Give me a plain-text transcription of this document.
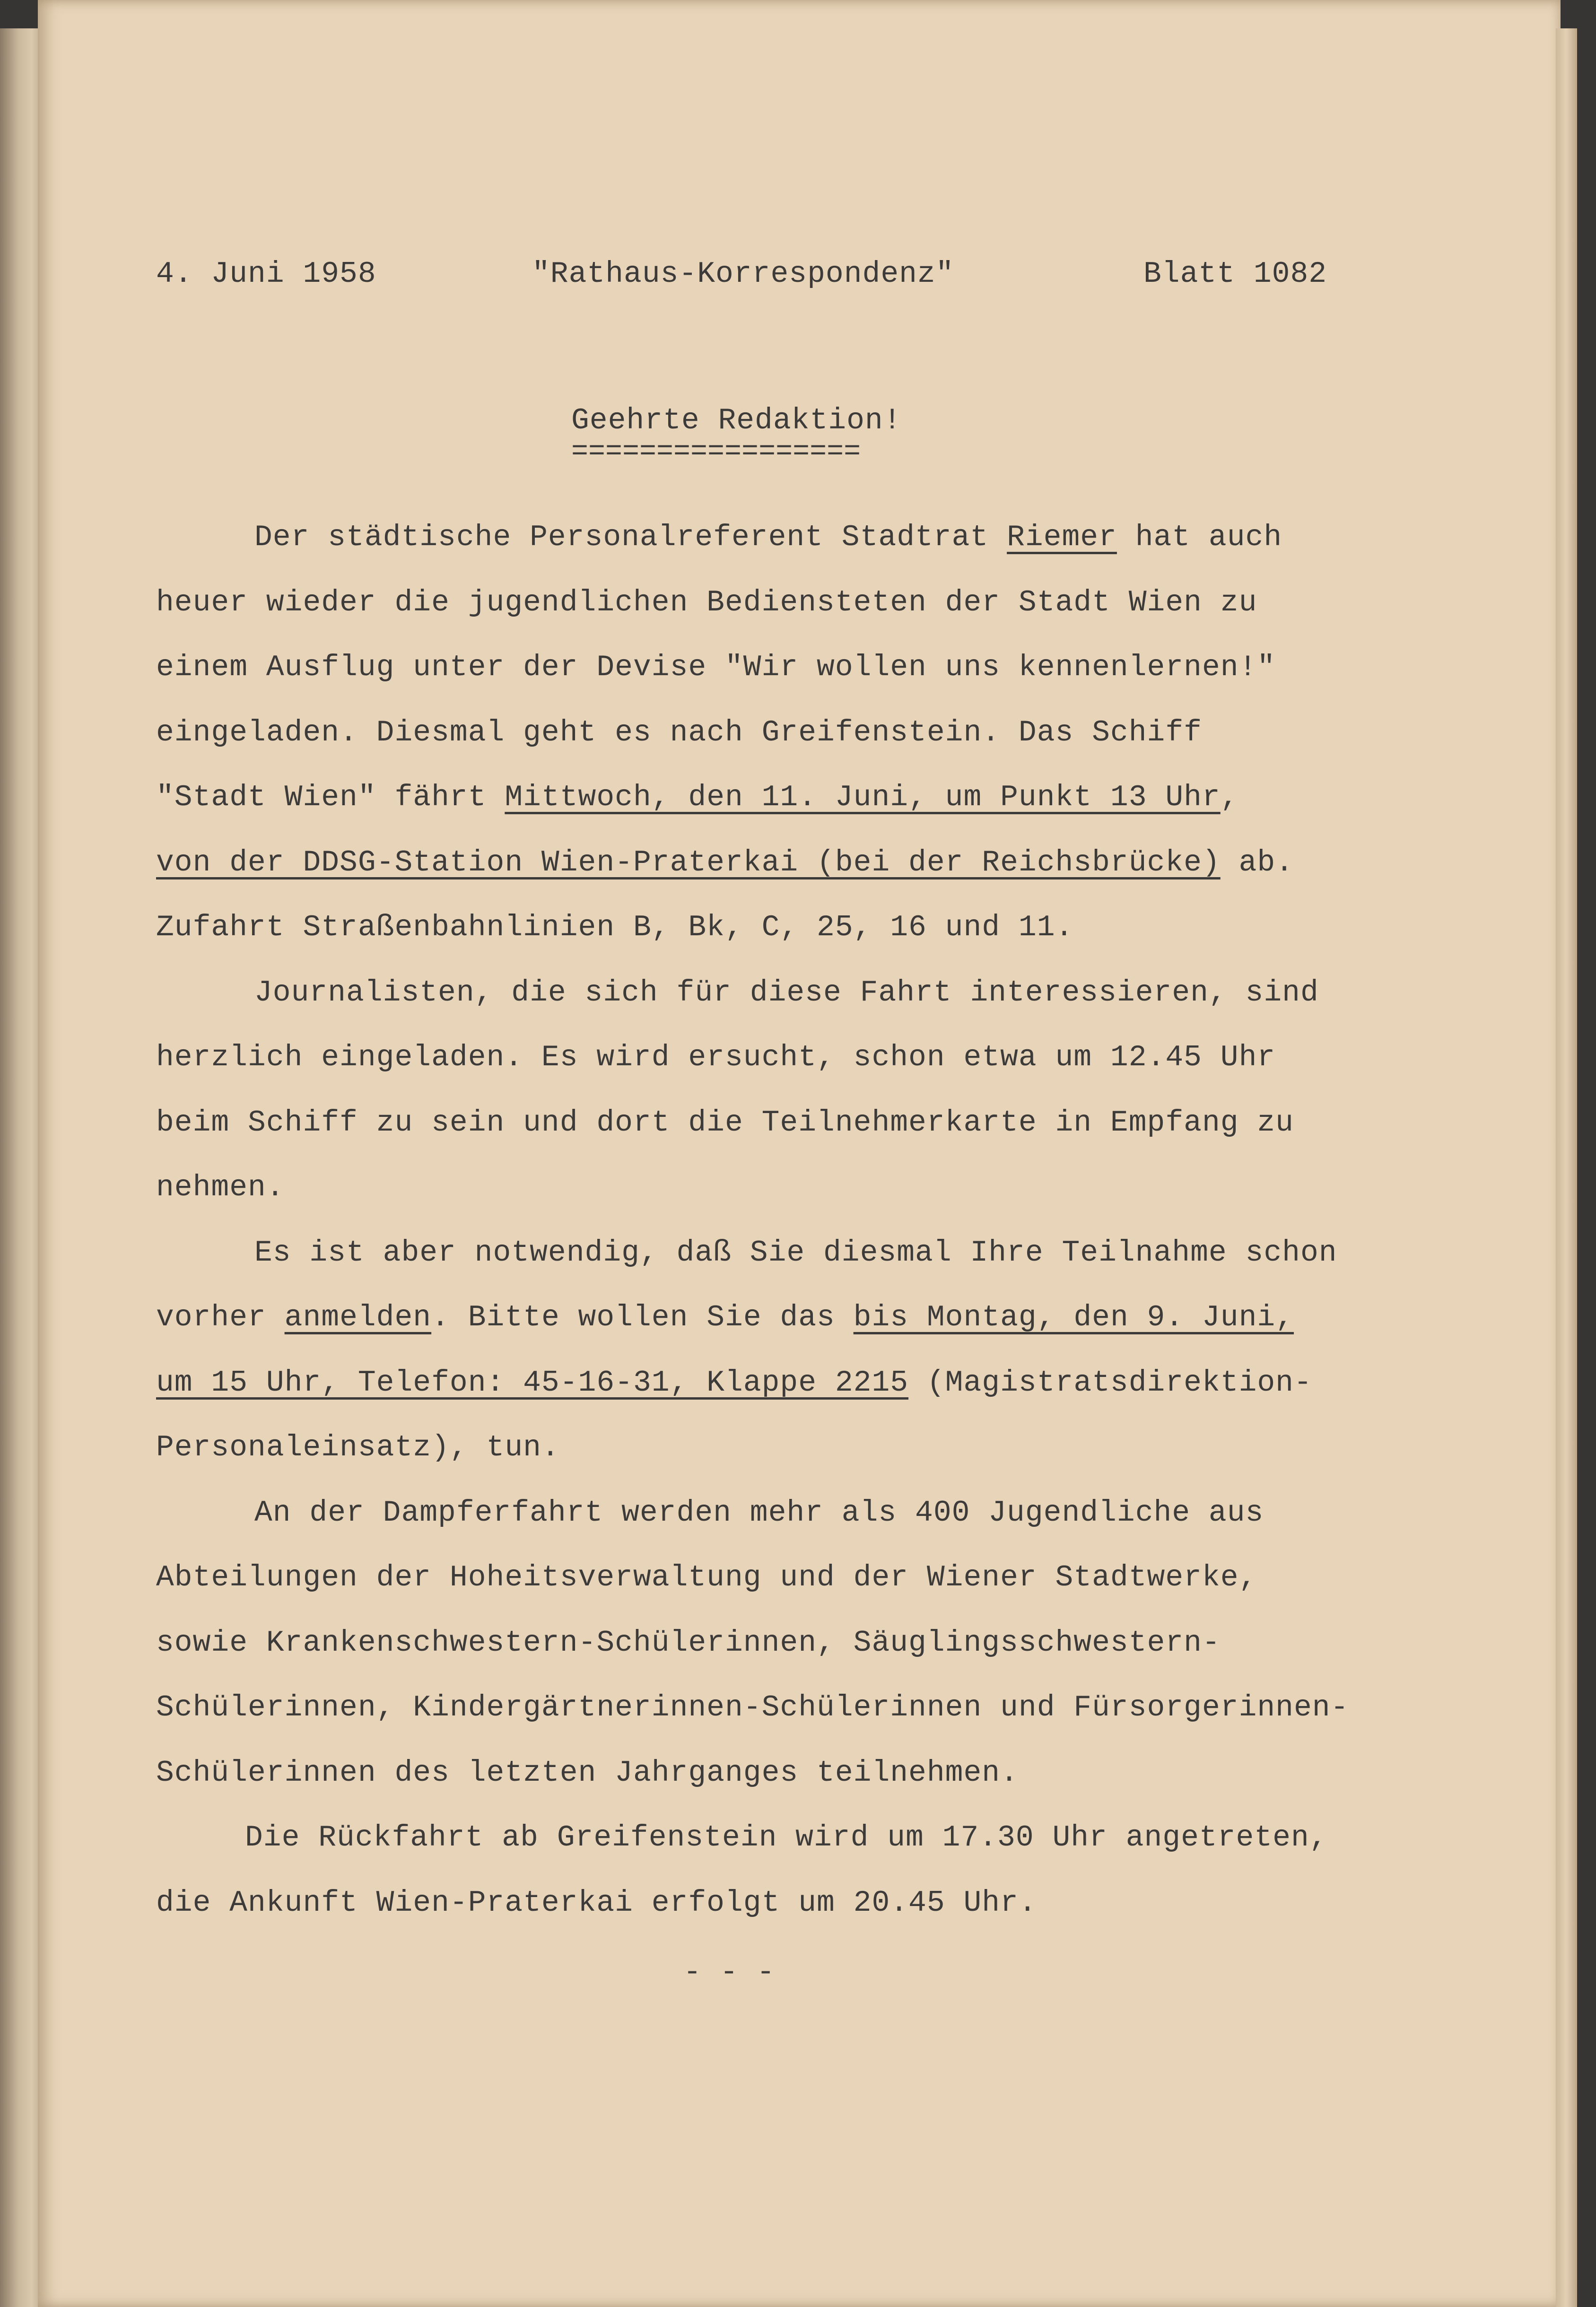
4. Juni 1958	"Rathaus-Korrespondenz"	Blatt 1082
Geehrte Redaktion!
=================
Der städtische Personalreferent Stadtrat Riemer hat auch
heuer wieder die jugendlichen Bediensteten der Stadt Wien zu
einem Ausflug unter der Devise "Wir wollen uns kennenlernen!"
eingeladen. Diesmal geht es nach Greifenstein. Das Schiff
"Stadt Wien" fährt Mittwoch, den 11. Juni, um Punkt 13 Uhr,
von der DDSG-Station Wien-Praterkai (bei der Reichsbrücke) ab.
Zufahrt Straßenbahnlinien B, Bk, C, 25, 16 und 11.
Journalisten, die sich für diese Fahrt interessieren, sind
herzlich eingeladen. Es wird ersucht, schon etwa um 12.45 Uhr
beim Schiff zu sein und dort die Teilnehmerkarte in Empfang zu
nehmen.
Es ist aber notwendig, daß Sie diesmal Ihre Teilnahme schon
vorher anmelden. Bitte wollen Sie das bis Montag, den 9. Juni,
um 15 Uhr, Telefon: 45-16-31, Klappe 2215 (Magistratsdirektion-
Personaleinsatz), tun.
An der Dampferfahrt werden mehr als 400 Jugendliche aus
Abteilungen der Hoheitsverwaltung und der Wiener Stadtwerke,
sowie Krankenschwestern-Schülerinnen, Säuglingsschwestern-
Schülerinnen, Kindergärtnerinnen-Schülerinnen und Fürsorgerinnen-
Schülerinnen des letzten Jahrganges teilnehmen.
Die Rückfahrt ab Greifenstein wird um 17.30 Uhr angetreten,
die Ankunft Wien-Praterkai erfolgt um 20.45 Uhr.
- - -
